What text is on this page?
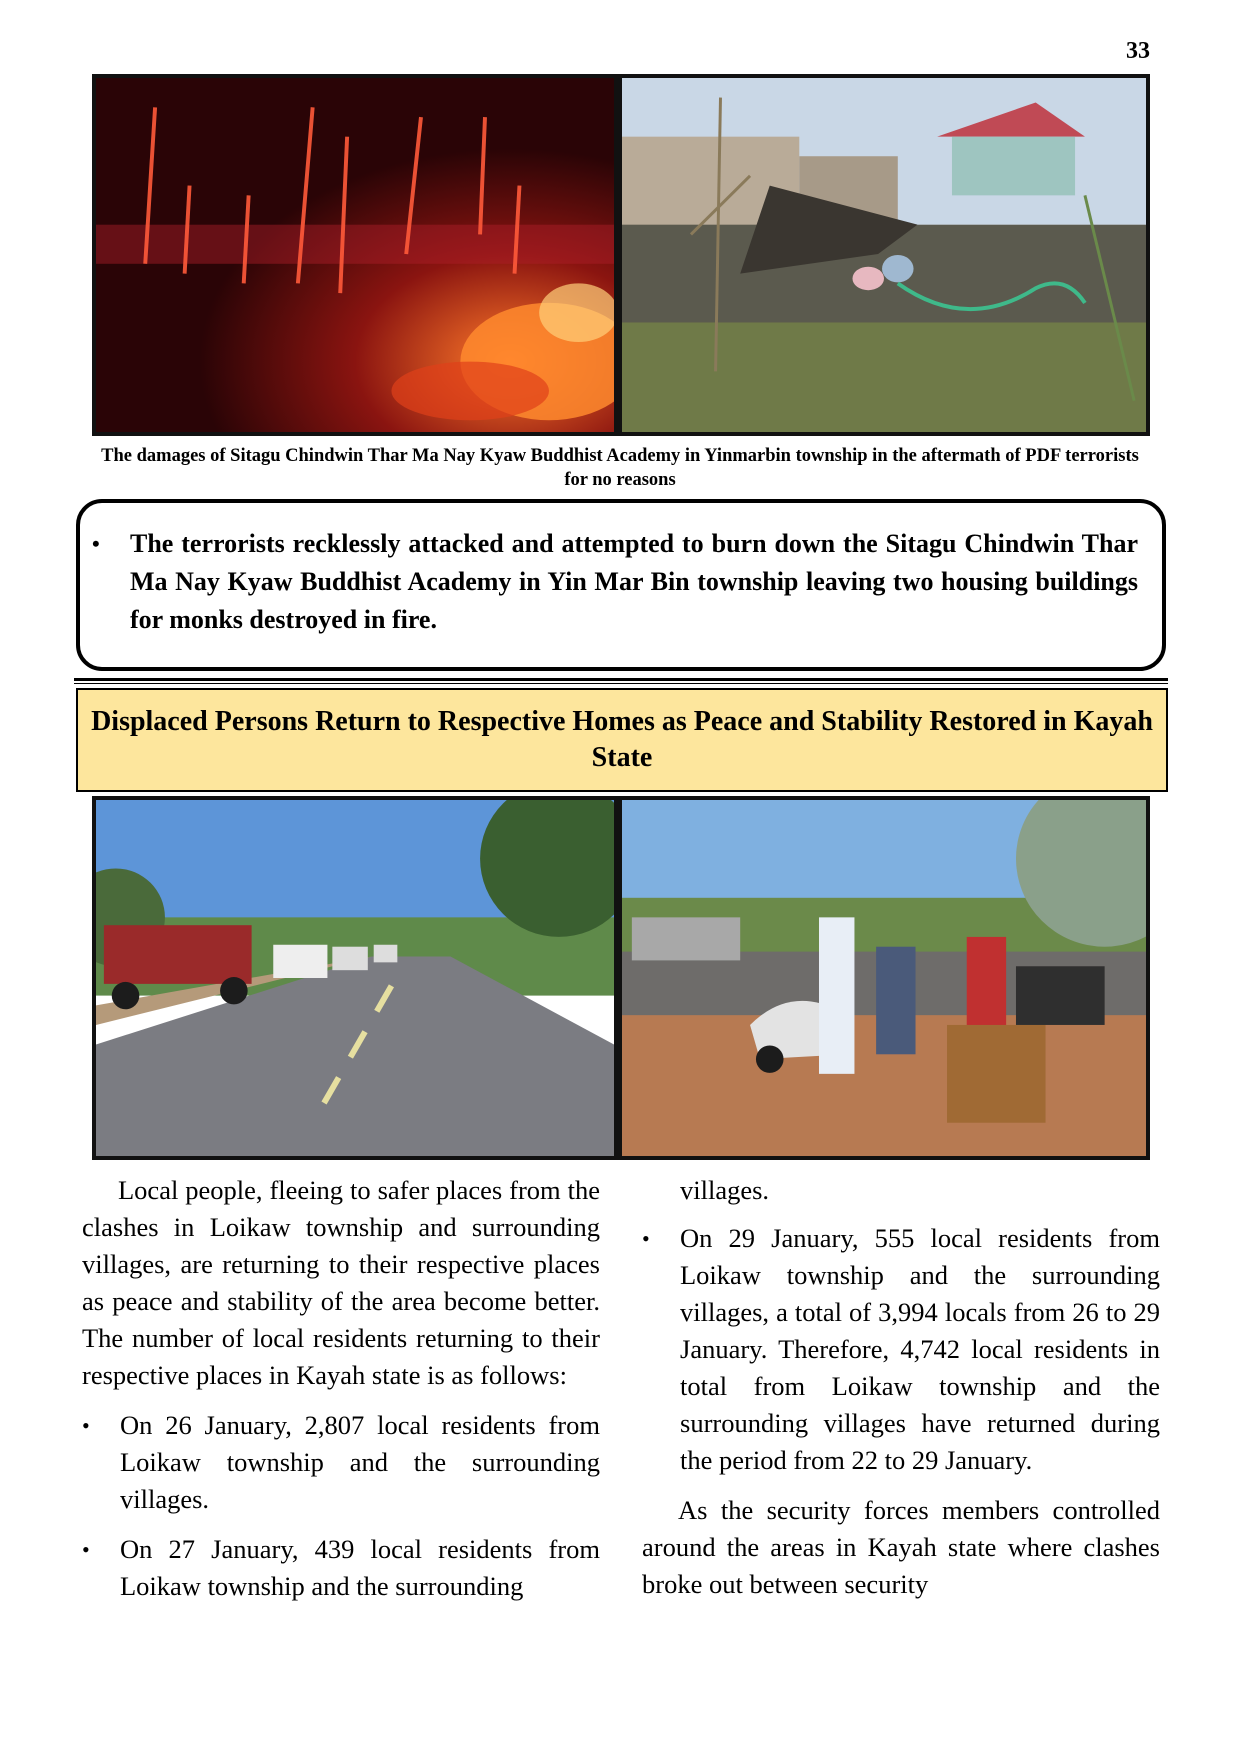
33
The damages of Sitagu Chindwin Thar Ma Nay Kyaw Buddhist Academy in Yinmarbin township in the aftermath of PDF terrorists for no reasons
• The terrorists recklessly attacked and attempted to burn down the Sitagu Chindwin Thar Ma Nay Kyaw Buddhist Academy in Yin Mar Bin township leaving two housing buildings for monks destroyed in fire.
Displaced Persons Return to Respective Homes as Peace and Stability Restored in Kayah State

Local people, fleeing to safer places from the clashes in Loikaw township and surrounding villages, are returning to their respective places as peace and stability of the area become better. The number of local residents returning to their respective places in Kayah state is as follows:

• On 26 January, 2,807 local residents from Loikaw township and the surrounding villages.
• On 27 January, 439 local residents from Loikaw township and the surrounding
villages.
• On 29 January, 555 local residents from Loikaw township and the surrounding villages, a total of 3,994 locals from 26 to 29 January. Therefore, 4,742 local residents in total from Loikaw township and the surrounding villages have returned during the period from 22 to 29 January.

As the security forces members controlled around the areas in Kayah state where clashes broke out between security
